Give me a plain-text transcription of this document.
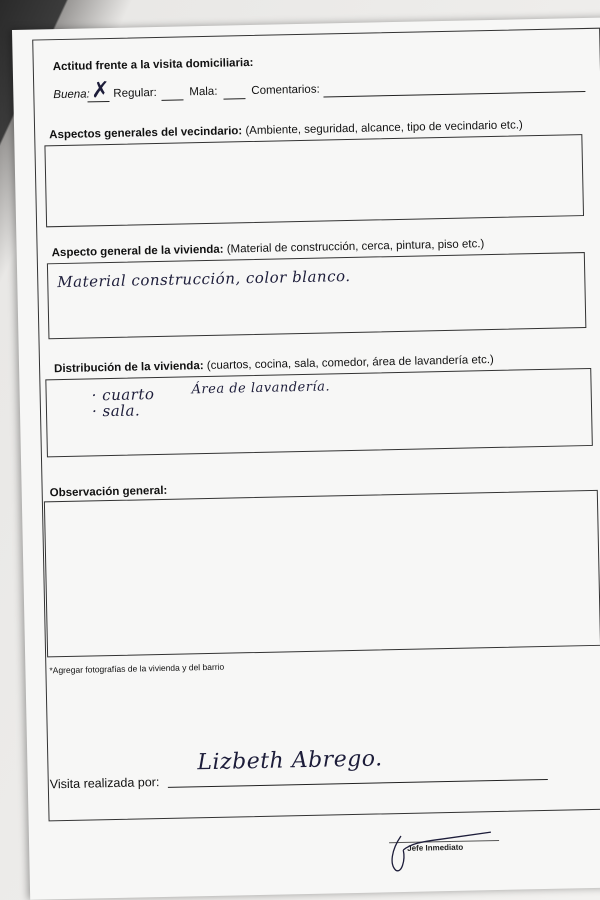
Actitud frente a la visita domiciliaria:
Buena: ✗ Regular:	Mala:	Comentarios:
Aspectos generales del vecindario: (Ambiente, seguridad, alcance, tipo de vecindario etc.)
Aspecto general de la vivienda: (Material de construcción, cerca, pintura, piso etc.)
Material construcción, color blanco.
Distribución de la vivienda: (cuartos, cocina, sala, comedor, área de lavandería etc.)
· cuarto	Área de lavandería.
· sala.
Observación general:
*Agregar fotografías de la vivienda y del barrio
Visita realizada por:
Lizbeth Abrego.
Jefe Inmediato
